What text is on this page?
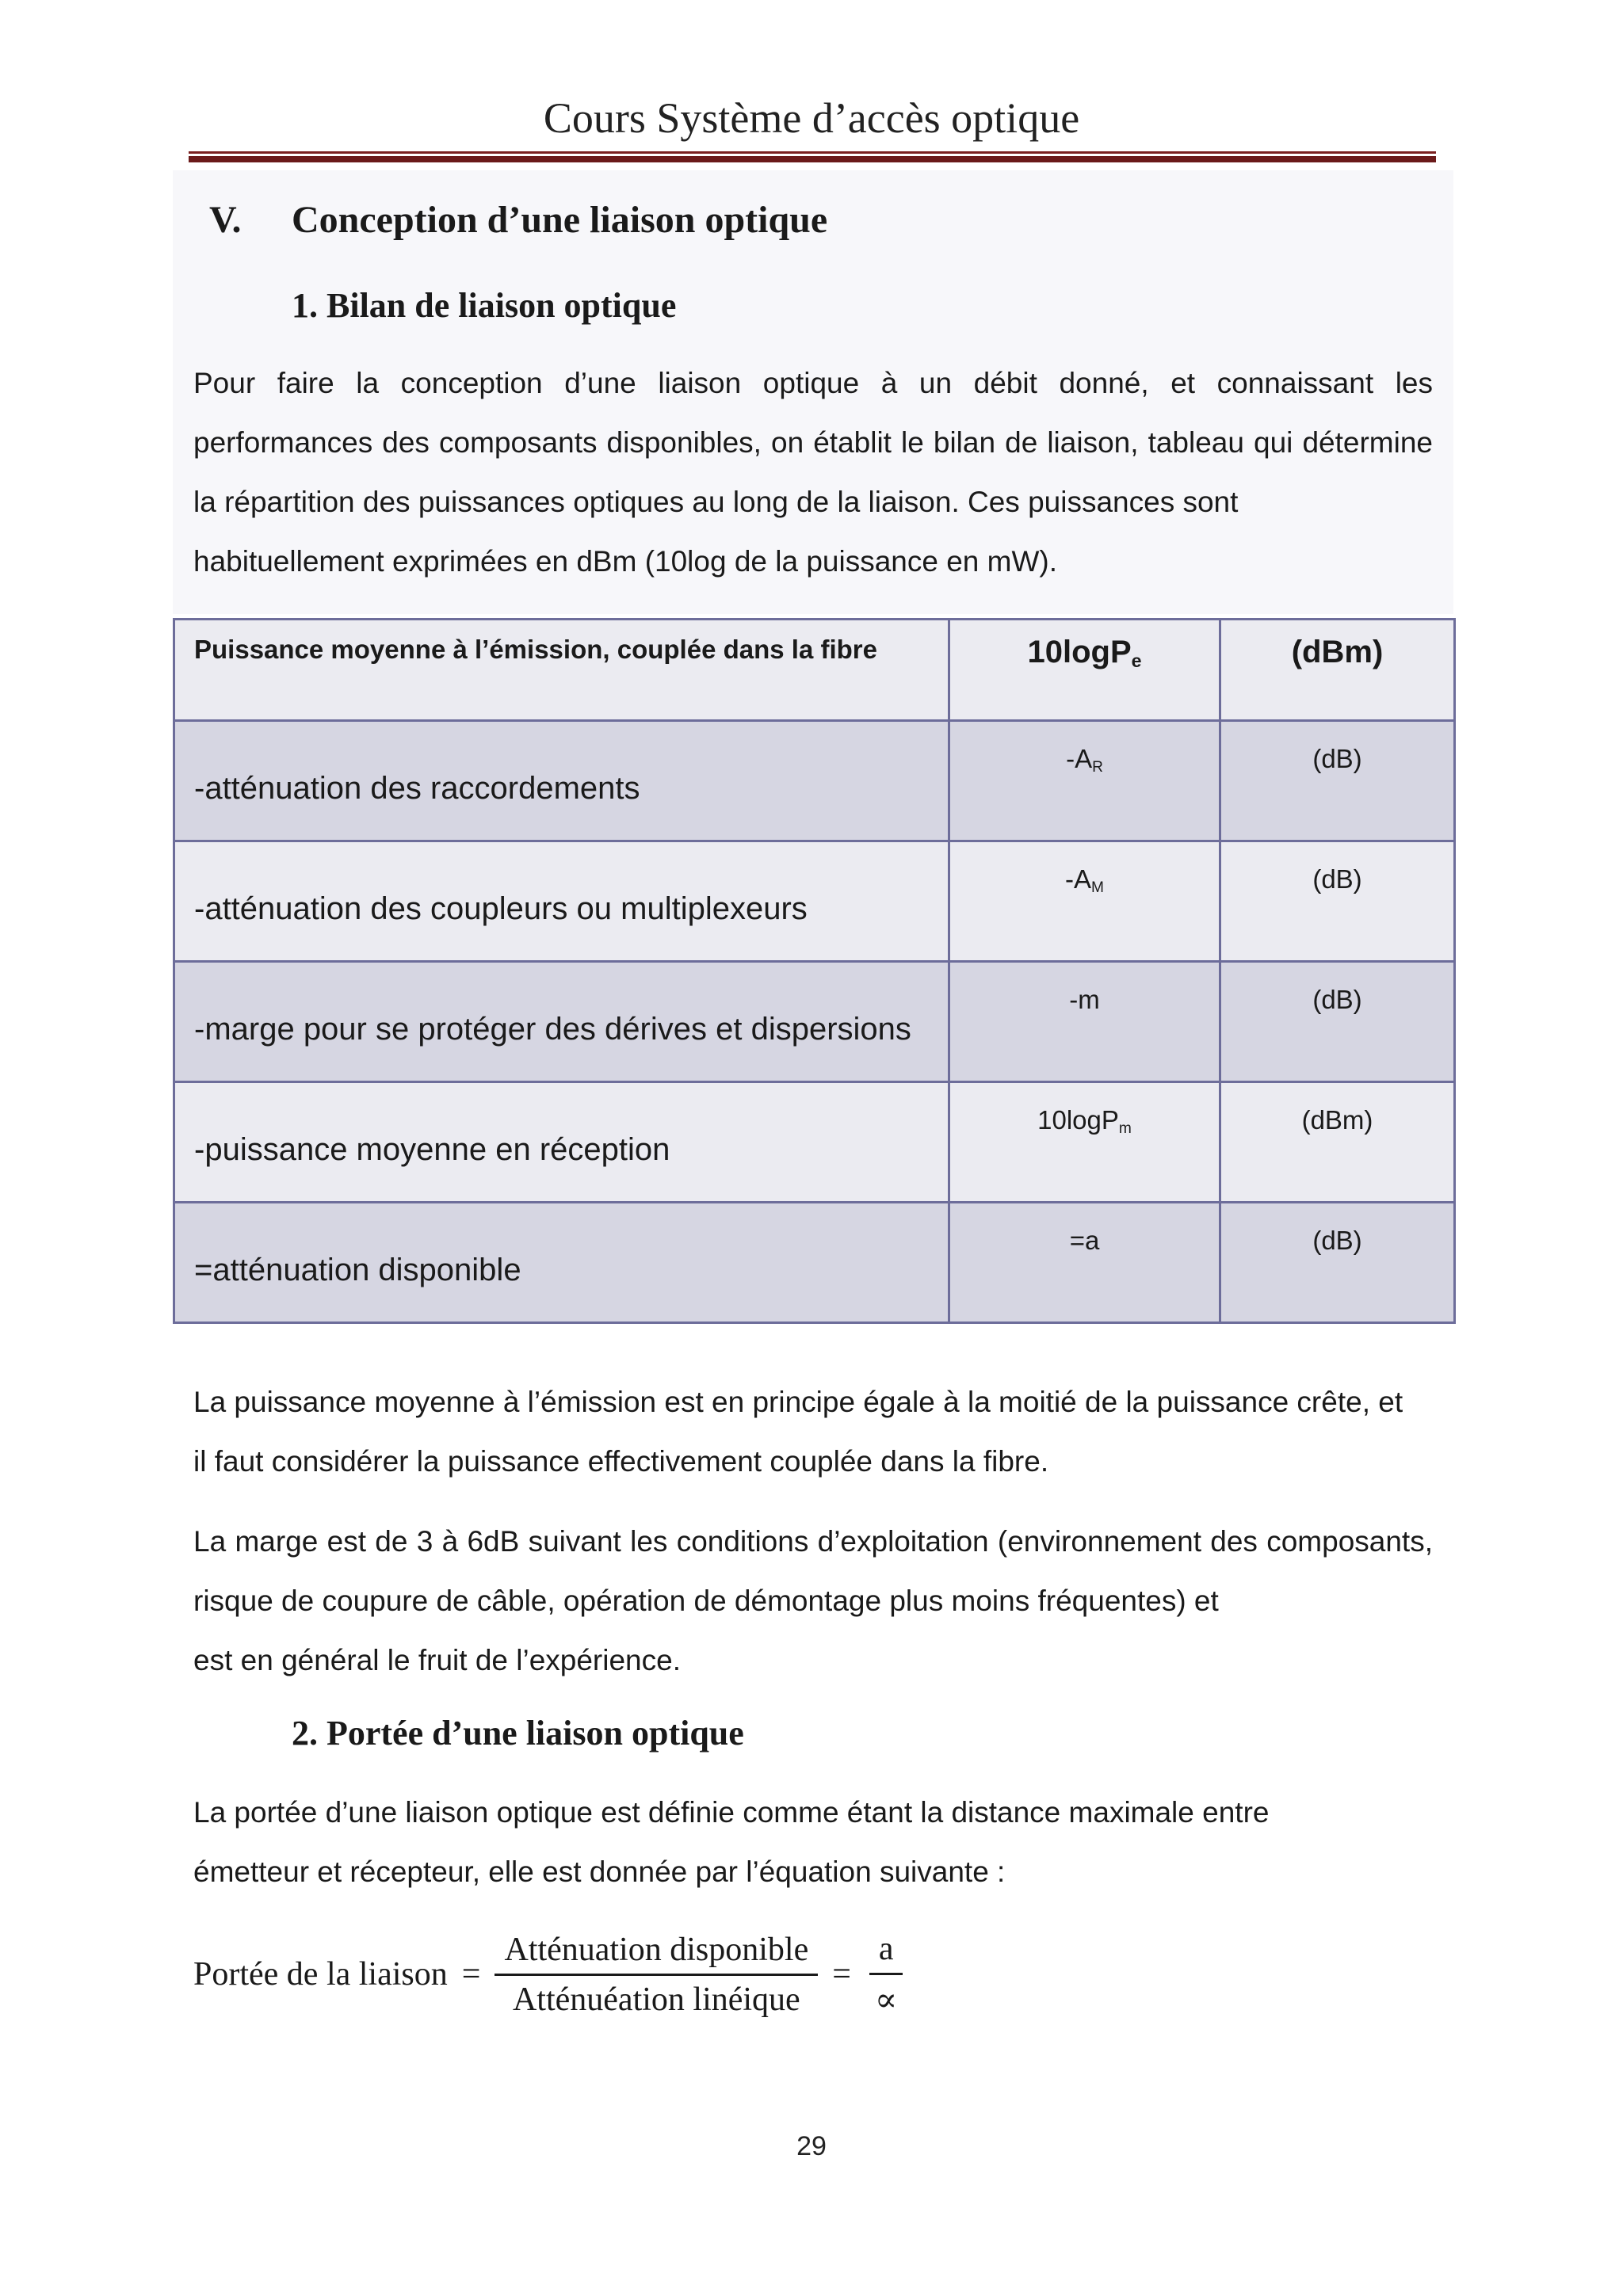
Cours Système d’accès optique
V. Conception d’une liaison optique
1. Bilan de liaison optique
Pour faire la conception d’une liaison optique à un débit donné, et connaissant les performances des composants disponibles, on établit le bilan de liaison, tableau qui détermine la répartition des puissances optiques au long de la liaison. Ces puissances sont
habituellement exprimées en dBm (10log de la puissance en mW).
Puissance moyenne à l’émission, couplée dans la fibre	10logP$_e$	(dBm)
-atténuation des raccordements	$-A_R$	(dB)
-atténuation des coupleurs ou multiplexeurs	$-A_M$	(dB)
-marge pour se protéger des dérives et dispersions	-m	(dB)
-puissance moyenne en réception	10logP$_m$	(dBm)
=atténuation disponible	=a	(dB)
La puissance moyenne à l’émission est en principe égale à la moitié de la puissance crête, et
il faut considérer la puissance effectivement couplée dans la fibre.
La marge est de 3 à 6dB suivant les conditions d’exploitation (environnement des composants, risque de coupure de câble, opération de démontage plus moins fréquentes) et
est en général le fruit de l’expérience.
2. Portée d’une liaison optique
La portée d’une liaison optique est définie comme étant la distance maximale entre
émetteur et récepteur, elle est donnée par l’équation suivante :
Portée de la liaison = $\frac{\text{Atténuation disponible}}{\text{Atténuéation linéique}} = \frac{a}{\propto}$
29
